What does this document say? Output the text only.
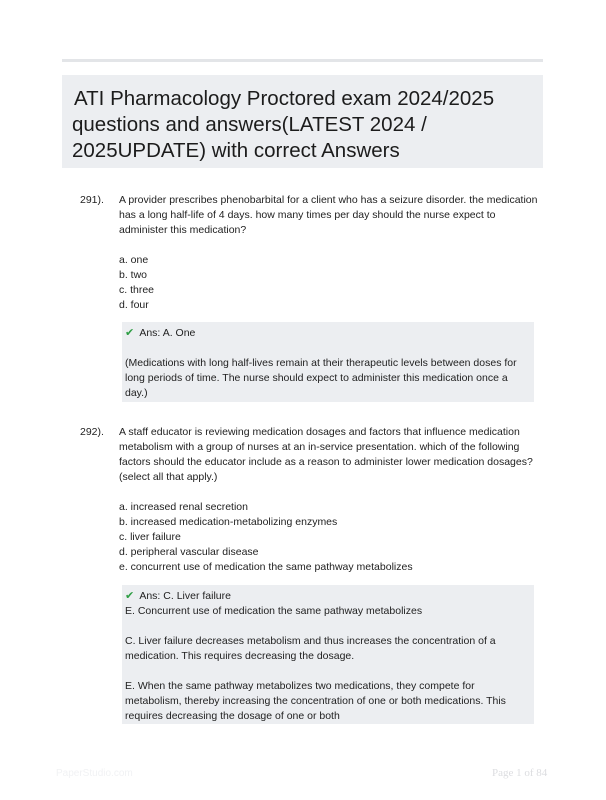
ATI Pharmacology Proctored exam 2024/2025 questions and answers(LATEST 2024 / 2025UPDATE) with correct Answers
291). A provider prescribes phenobarbital for a client who has a seizure disorder. the medication has a long half-life of 4 days. how many times per day should the nurse expect to administer this medication?

a. one

b. two

c. three

d. four

✔ Ans: A. One

(Medications with long half-lives remain at their therapeutic levels between doses for long periods of time. The nurse should expect to administer this medication once a day.)

292). A staff educator is reviewing medication dosages and factors that influence medication metabolism with a group of nurses at an in-service presentation. which of the following factors should the educator include as a reason to administer lower medication dosages? (select all that apply.)

a. increased renal secretion

b. increased medication-metabolizing enzymes

c. liver failure

d. peripheral vascular disease

e. concurrent use of medication the same pathway metabolizes

✔ Ans: C. Liver failure

E. Concurrent use of medication the same pathway metabolizes

C. Liver failure decreases metabolism and thus increases the concentration of a medication. This requires decreasing the dosage.

E. When the same pathway metabolizes two medications, they compete for metabolism, thereby increasing the concentration of one or both medications. This requires decreasing the dosage of one or both

PaperStudio.com	Page 1 of 84
